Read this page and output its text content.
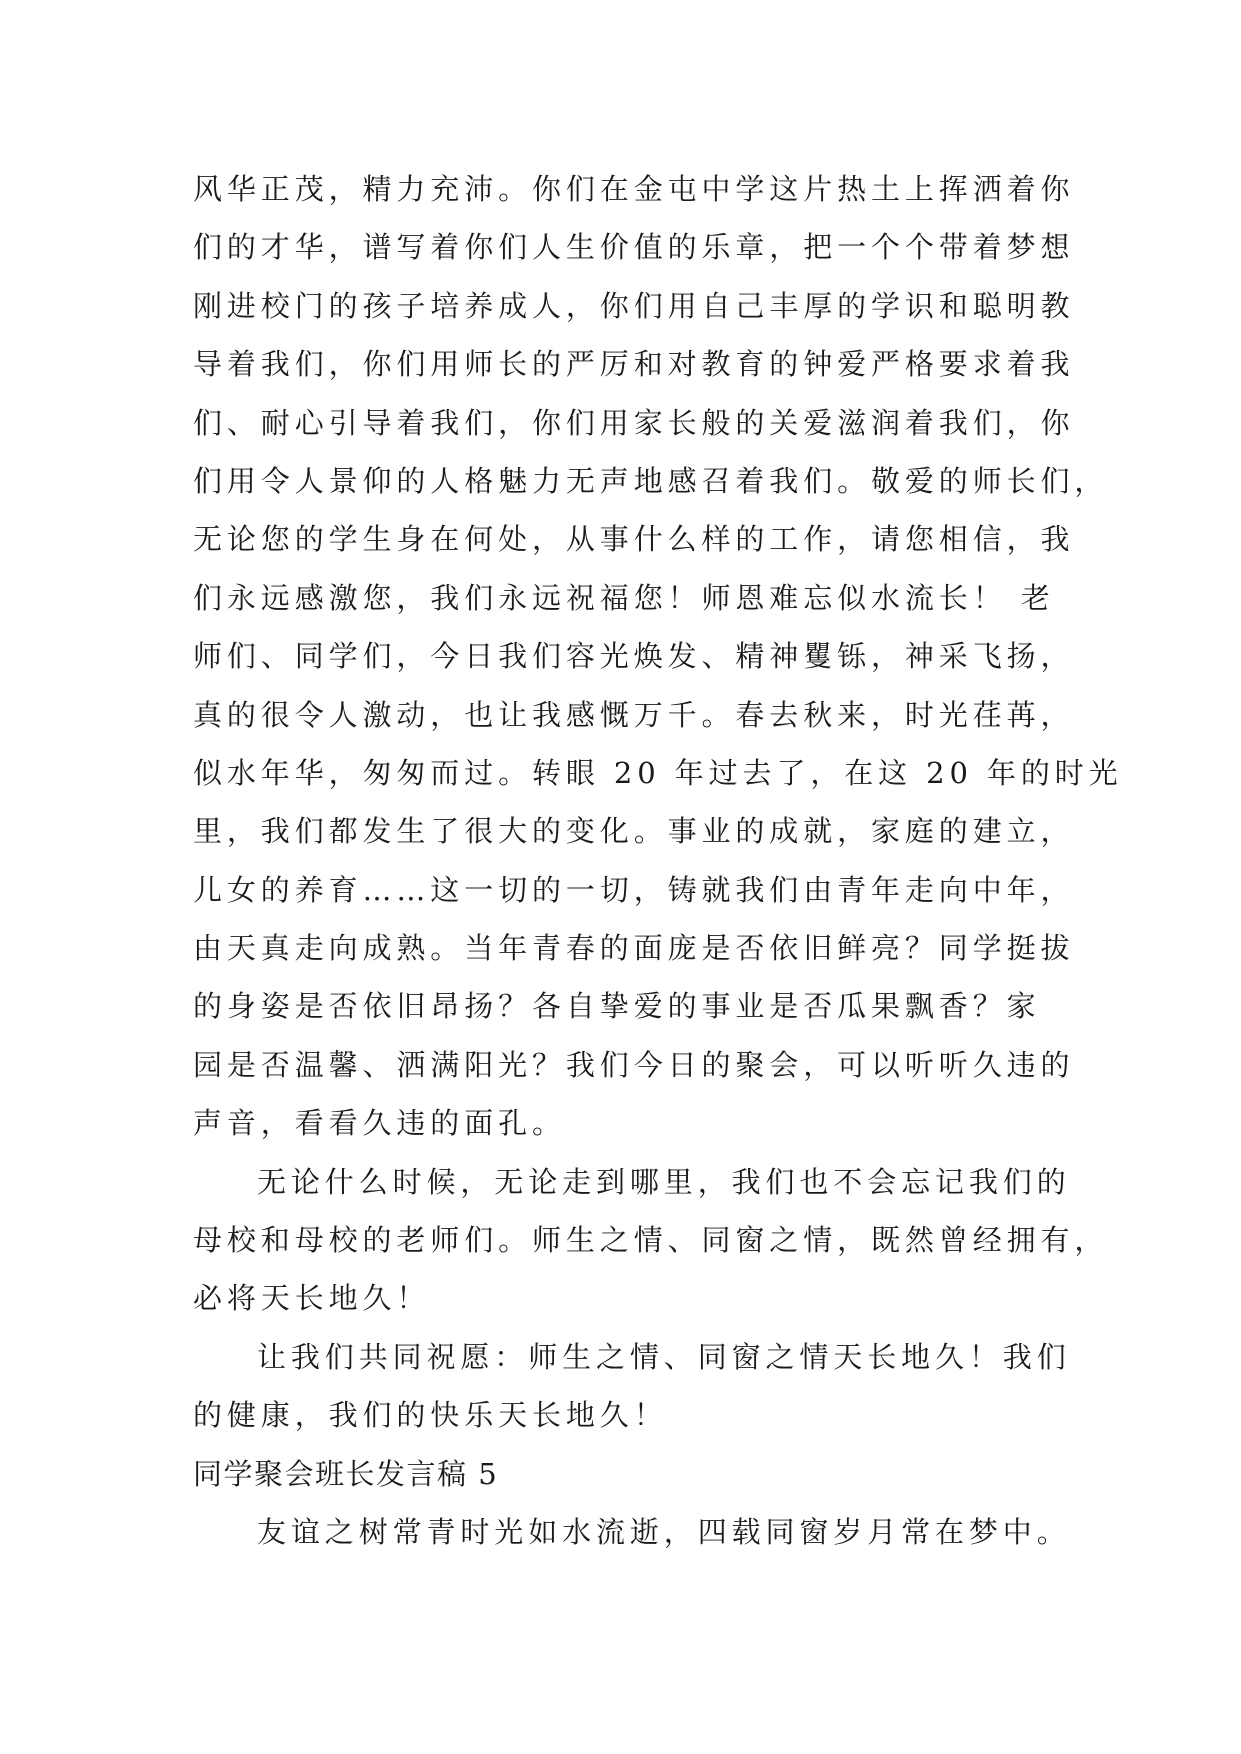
风华正茂，精力充沛。你们在金屯中学这片热土上挥洒着你
们的才华，谱写着你们人生价值的乐章，把一个个带着梦想
刚进校门的孩子培养成人，你们用自己丰厚的学识和聪明教
导着我们，你们用师长的严厉和对教育的钟爱严格要求着我
们、耐心引导着我们，你们用家长般的关爱滋润着我们，你
们用令人景仰的人格魅力无声地感召着我们。敬爱的师长们，
无论您的学生身在何处，从事什么样的工作，请您相信，我
们永远感激您，我们永远祝福您！师恩难忘似水流长！ 老
师们、同学们，今日我们容光焕发、精神矍铄，神采飞扬，
真的很令人激动，也让我感慨万千。春去秋来，时光荏苒，
似水年华，匆匆而过。转眼 20 年过去了，在这 20 年的时光
里，我们都发生了很大的变化。事业的成就，家庭的建立，
儿女的养育……这一切的一切，铸就我们由青年走向中年，
由天真走向成熟。当年青春的面庞是否依旧鲜亮？同学挺拔
的身姿是否依旧昂扬？各自挚爱的事业是否瓜果飘香？家
园是否温馨、洒满阳光？我们今日的聚会，可以听听久违的
声音，看看久违的面孔。
无论什么时候，无论走到哪里，我们也不会忘记我们的
母校和母校的老师们。师生之情、同窗之情，既然曾经拥有，
必将天长地久！
让我们共同祝愿：师生之情、同窗之情天长地久！我们
的健康，我们的快乐天长地久！
同学聚会班长发言稿 5
友谊之树常青时光如水流逝，四载同窗岁月常在梦中。
